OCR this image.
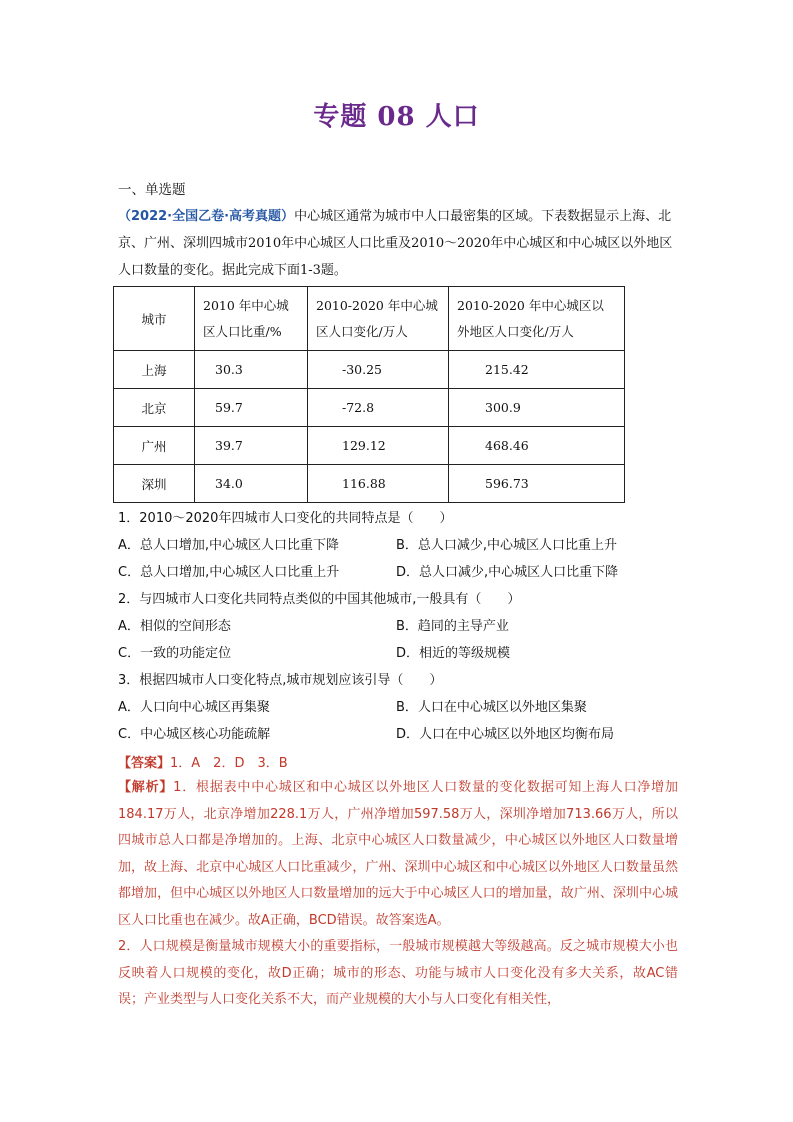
专题 08 人口
一、单选题
（2022·全国乙卷·高考真题）中心城区通常为城市中人口最密集的区域。下表数据显示上海、北京、广州、深圳四城市2010年中心城区人口比重及2010～2020年中心城区和中心城区以外地区人口数量的变化。据此完成下面1-3题。
城市	2010 年中心城区人口比重/%	2010-2020 年中心城区人口变化/万人	2010-2020 年中心城区以外地区人口变化/万人
上海	30.3	-30.25	215.42
北京	59.7	-72.8	300.9
广州	39.7	129.12	468.46
深圳	34.0	116.88	596.73
1．2010～2020年四城市人口变化的共同特点是（　　）
A．总人口增加,中心城区人口比重下降	B．总人口减少,中心城区人口比重上升
C．总人口增加,中心城区人口比重上升	D．总人口减少,中心城区人口比重下降
2．与四城市人口变化共同特点类似的中国其他城市,一般具有（　　）
A．相似的空间形态	B．趋同的主导产业
C．一致的功能定位	D．相近的等级规模
3．根据四城市人口变化特点,城市规划应该引导（　　）
A．人口向中心城区再集聚	B．人口在中心城区以外地区集聚
C．中心城区核心功能疏解	D．人口在中心城区以外地区均衡布局
【答案】1．A　2．D　3．B
【解析】1．根据表中中心城区和中心城区以外地区人口数量的变化数据可知上海人口净增加184.17万人，北京净增加228.1万人，广州净增加597.58万人，深圳净增加713.66万人，所以四城市总人口都是净增加的。上海、北京中心城区人口数量减少，中心城区以外地区人口数量增加，故上海、北京中心城区人口比重减少，广州、深圳中心城区和中心城区以外地区人口数量虽然都增加，但中心城区以外地区人口数量增加的远大于中心城区人口的增加量，故广州、深圳中心城区人口比重也在减少。故A正确，BCD错误。故答案选A。
2．人口规模是衡量城市规模大小的重要指标，一般城市规模越大等级越高。反之城市规模大小也反映着人口规模的变化，故D正确；城市的形态、功能与城市人口变化没有多大关系，故AC错误；产业类型与人口变化关系不大，而产业规模的大小与人口变化有相关性，
